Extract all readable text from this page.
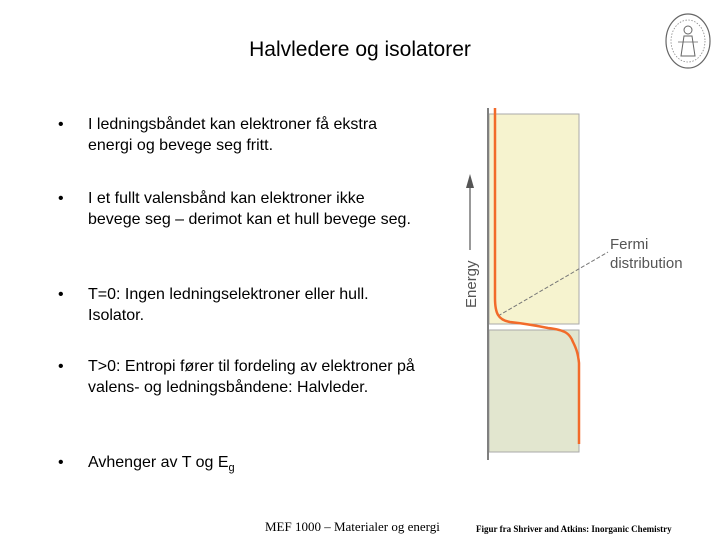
Halvledere og isolatorer
•	I ledningsbåndet kan elektroner få ekstra energi og bevege seg fritt.
•	I et fullt valensbånd kan elektroner ikke bevege seg – derimot kan et hull bevege seg.
•	T=0: Ingen ledningselektroner eller hull. Isolator.
•	T>0: Entropi fører til fordeling av elektroner på valens- og ledningsbåndene: Halvleder.
•	Avhenger av T og $E_g$
Energy
Fermi
distribution
MEF 1000 – Materialer og energi	Figur fra Shriver and Atkins: Inorganic Chemistry
